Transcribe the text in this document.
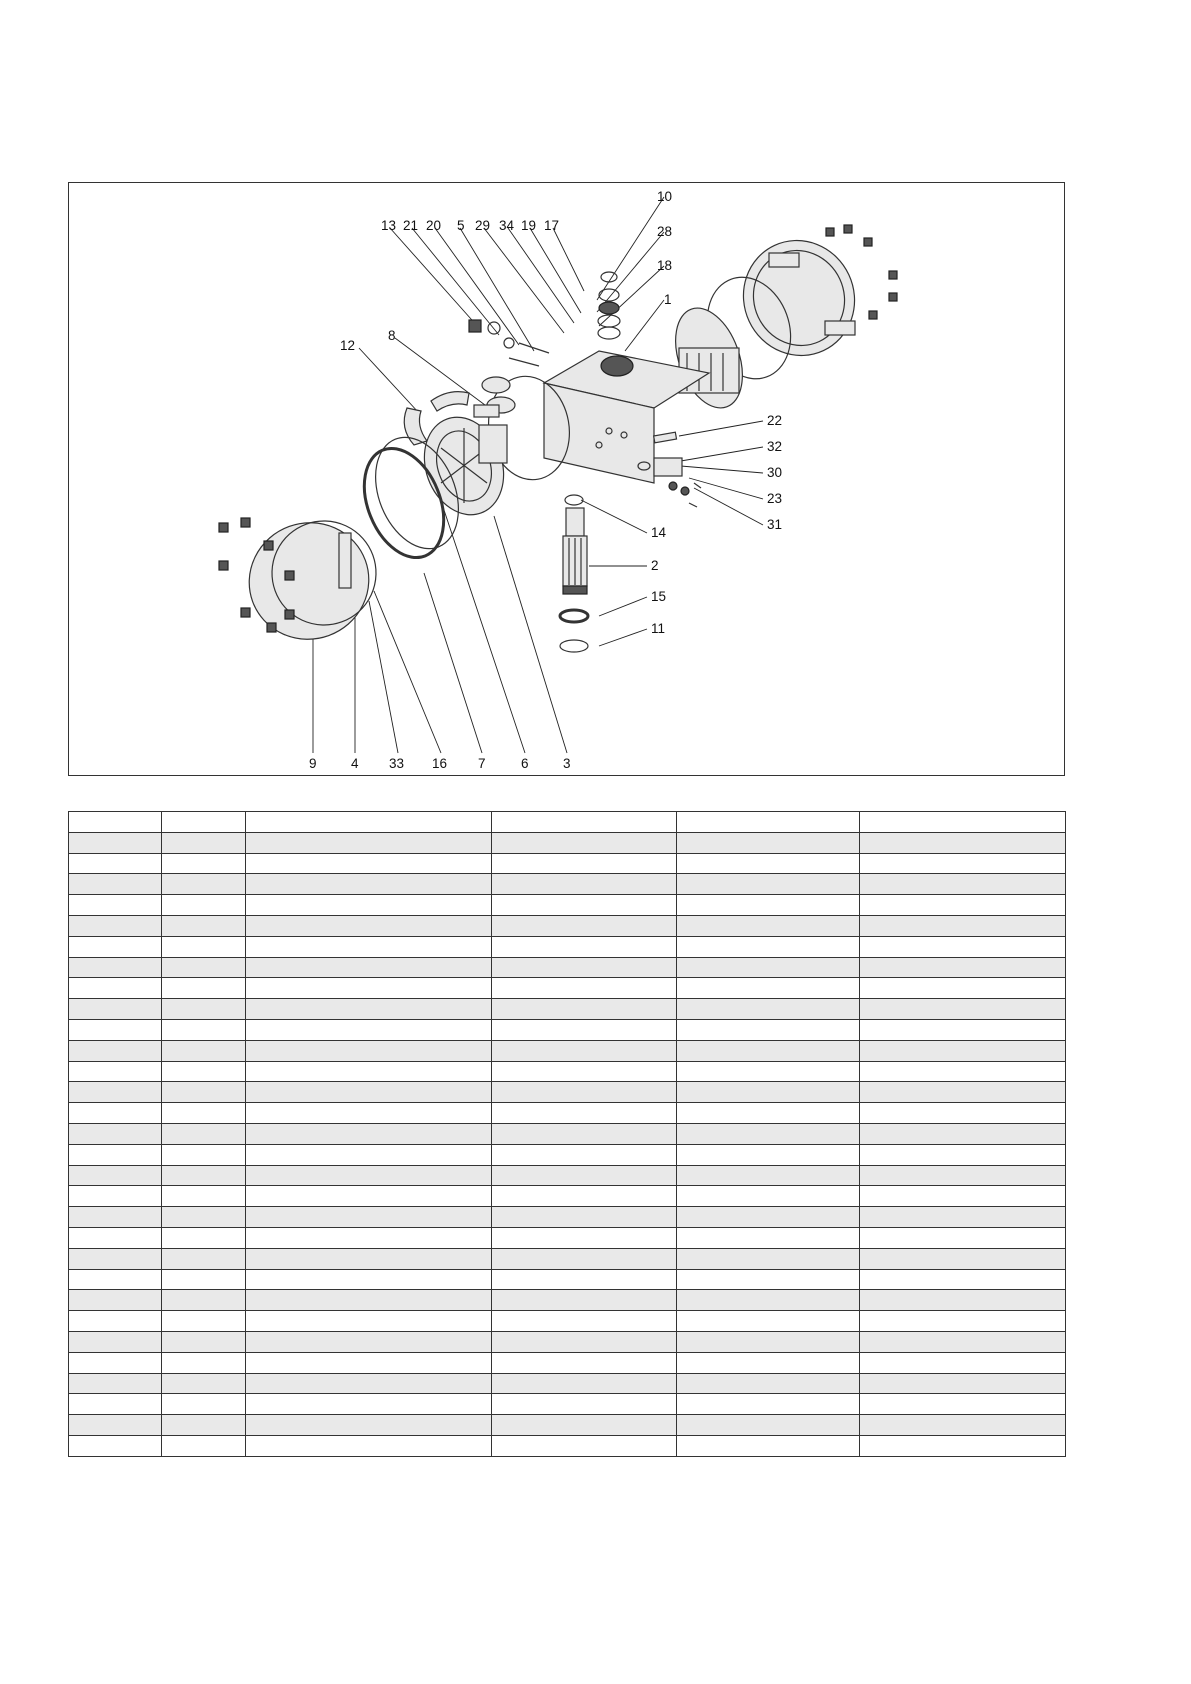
10
28
18
1
13 21 20 5 29 34 19 17
12
8
22
32
30
23
31
14
2
15
11
9	4 33 16 7	6	3
